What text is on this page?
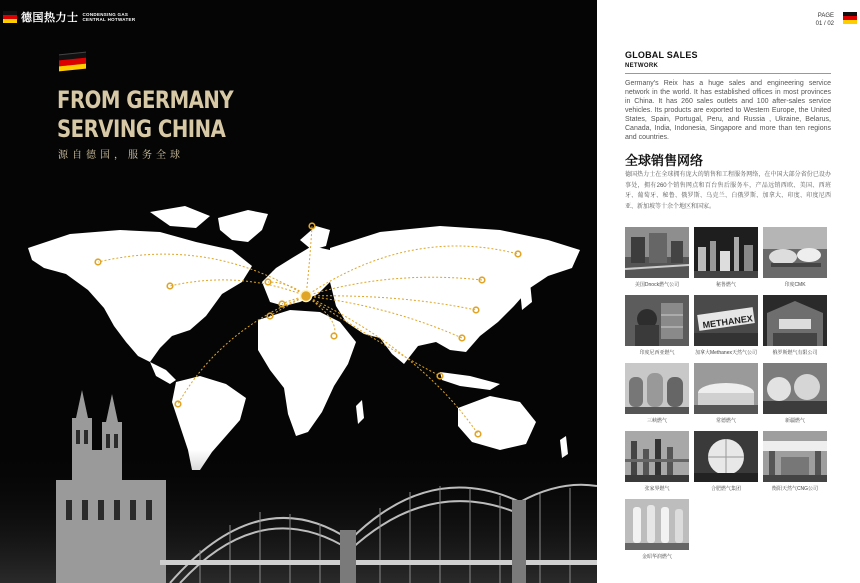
德国热力士 CONDENSING GAS
CENTRAL HOTWATER
FROM GERMANY
SERVING CHINA
源自德国，服务全球
PAGE
01 / 02
GLOBAL SALES
NETWORK
Germany's Reix has a huge sales and engineering service network in the world. It has established offices in most provinces in China. It has 260 sales outlets and 100 after-sales service vehicles. Its products are exported to Western Europe, the United States, Spain, Portugal, Peru, and Russia , Ukraine, Belarus, Canada, India, Indonesia, Singapore and more than ten regions and countries.
全球销售网络
德国热力士在全球拥有庞大的销售和工程服务网络，在中国大部分省份已设办事处，拥有260个销售网点和百台售后服务车，产品远销西欧、美国、西班牙、葡萄牙、秘鲁、俄罗斯、乌克兰、白俄罗斯、加拿大、印度、印度尼西亚、新加坡等十余个地区和国家。
美国Dnock燃气公司	秘鲁燃气	印度CMK
印度尼西亚燃气
METHANEX
加拿大Methanex天然气公司	俄罗斯燃气有限公司
三峡燃气	常德燃气	新疆燃气
张家界燃气	合肥燃气集团	衡阳天然气CNG公司
金昭华润燃气
